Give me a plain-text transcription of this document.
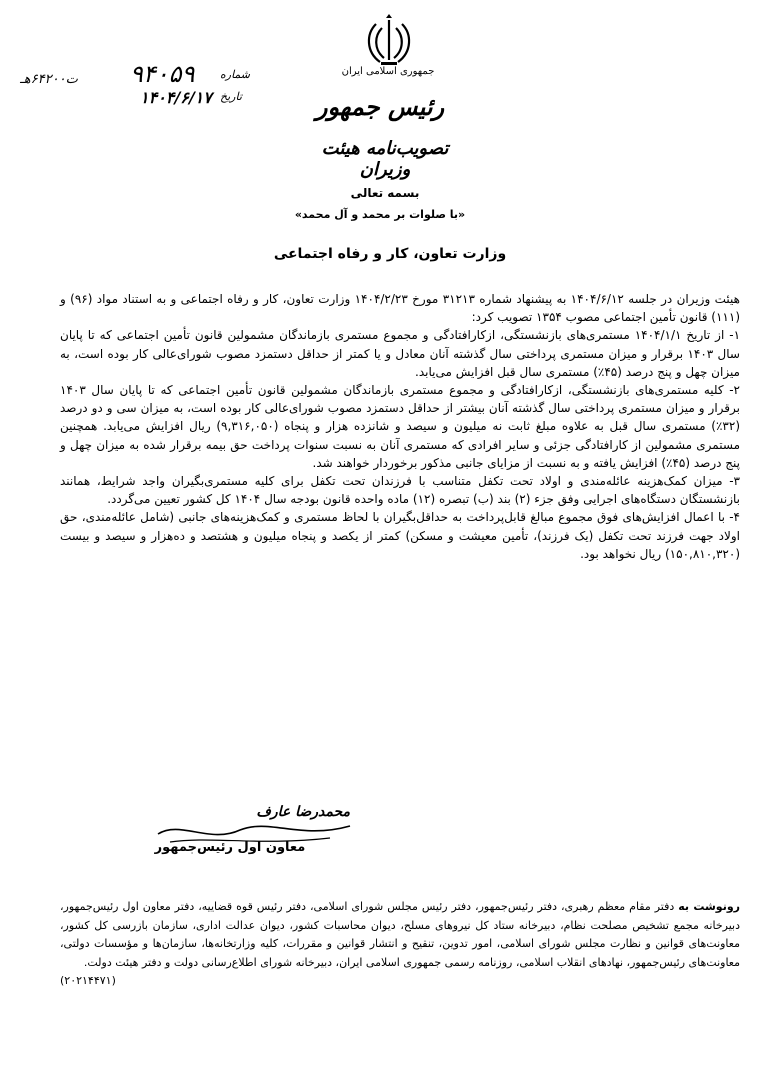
جمهوری اسلامی ایران
رئیس جمهور
تصویب‌نامه هیئت وزیران
ت۶۴۲۰۰هـ ۹۴۰۵۹
۱۴۰۴/۶/۱۷
شماره
تاریخ
بسمه تعالی
«با صلوات بر محمد و آل محمد»
وزارت تعاون، کار و رفاه اجتماعی

هیئت وزیران در جلسه ۱۴۰۴/۶/۱۲ به پیشنهاد شماره ۳۱۲۱۳ مورخ ۱۴۰۴/۲/۲۳ وزارت تعاون، کار و رفاه اجتماعی و به استناد مواد (۹۶) و (۱۱۱) قانون تأمین اجتماعی مصوب ۱۳۵۴ تصویب کرد:

۱- از تاریخ ۱۴۰۴/۱/۱ مستمری‌های بازنشستگی، ازکارافتادگی و مجموع مستمری بازماندگان مشمولین قانون تأمین اجتماعی که تا پایان سال ۱۴۰۳ برقرار و میزان مستمری پرداختی سال گذشته آنان معادل و یا کمتر از حداقل دستمزد مصوب شورای‌عالی کار بوده است، به میزان چهل و پنج درصد (۴۵٪) مستمری سال قبل افزایش می‌یابد.

۲- کلیه مستمری‌های بازنشستگی، ازکارافتادگی و مجموع مستمری بازماندگان مشمولین قانون تأمین اجتماعی که تا پایان سال ۱۴۰۳ برقرار و میزان مستمری پرداختی سال گذشته آنان بیشتر از حداقل دستمزد مصوب شورای‌عالی کار بوده است، به میزان سی و دو درصد (۳۲٪) مستمری سال قبل به علاوه مبلغ ثابت نه میلیون و سیصد و شانزده هزار و پنجاه (۹,۳۱۶,۰۵۰) ریال افزایش می‌یابد. همچنین مستمری مشمولین از کارافتادگی جزئی و سایر افرادی که مستمری آنان به نسبت سنوات پرداخت حق بیمه برقرار شده به میزان چهل و پنج درصد (۴۵٪) افزایش یافته و به نسبت از مزایای جانبی مذکور برخوردار خواهند شد.

۳- میزان کمک‌هزینه عائله‌مندی و اولاد تحت تکفل متناسب با فرزندان تحت تکفل برای کلیه مستمری‌بگیران واجد شرایط، همانند بازنشستگان دستگاه‌های اجرایی وفق جزء (۲) بند (ب) تبصره (۱۲) ماده واحده قانون بودجه سال ۱۴۰۴ کل کشور تعیین می‌گردد.

۴- با اعمال افزایش‌های فوق مجموع مبالغ قابل‌پرداخت به حداقل‌بگیران با لحاظ مستمری و کمک‌هزینه‌های جانبی (شامل عائله‌مندی، حق اولاد جهت فرزند تحت تکفل (یک فرزند)، تأمین معیشت و مسکن) کمتر از یکصد و پنجاه میلیون و هشتصد و ده‌هزار و سیصد و بیست (۱۵۰,۸۱۰,۳۲۰) ریال نخواهد بود.

محمدرضا عارف
معاون اول رئیس‌جمهور
رونوشت به دفتر مقام معظم رهبری، دفتر رئیس‌جمهور، دفتر رئیس مجلس شورای اسلامی، دفتر رئیس قوه قضاییه، دفتر معاون اول رئیس‌جمهور، دبیرخانه مجمع تشخیص مصلحت نظام، دبیرخانه ستاد کل نیروهای مسلح، دیوان محاسبات کشور، دیوان عدالت اداری، سازمان بازرسی کل کشور، معاونت‌های قوانین و نظارت مجلس شورای اسلامی، امور تدوین، تنقیح و انتشار قوانین و مقررات، کلیه وزارتخانه‌ها، سازمان‌ها و مؤسسات دولتی، معاونت‌های رئیس‌جمهور، نهادهای انقلاب اسلامی، روزنامه رسمی جمهوری اسلامی ایران، دبیرخانه شورای اطلاع‌رسانی دولت و دفتر هیئت دولت.
(۲۰۲۱۴۴۷۱)
